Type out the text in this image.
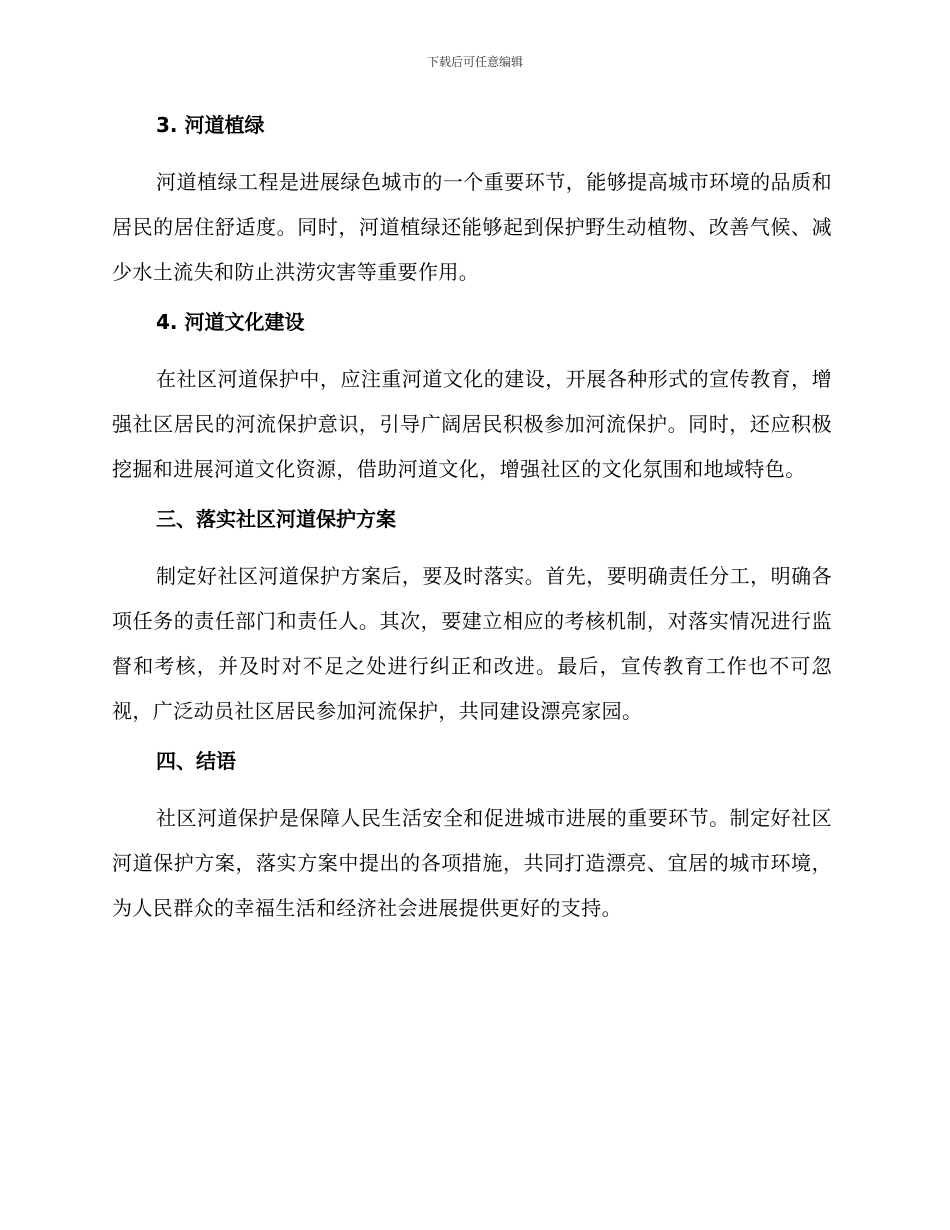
下载后可任意编辑
3. 河道植绿

河道植绿工程是进展绿色城市的一个重要环节，能够提高城市环境的品质和居民的居住舒适度。同时，河道植绿还能够起到保护野生动植物、改善气候、减少水土流失和防止洪涝灾害等重要作用。

4. 河道文化建设

在社区河道保护中，应注重河道文化的建设，开展各种形式的宣传教育，增强社区居民的河流保护意识，引导广阔居民积极参加河流保护。同时，还应积极挖掘和进展河道文化资源，借助河道文化，增强社区的文化氛围和地域特色。

三、落实社区河道保护方案

制定好社区河道保护方案后，要及时落实。首先，要明确责任分工，明确各项任务的责任部门和责任人。其次，要建立相应的考核机制，对落实情况进行监督和考核，并及时对不足之处进行纠正和改进。最后，宣传教育工作也不可忽视，广泛动员社区居民参加河流保护，共同建设漂亮家园。

四、结语

社区河道保护是保障人民生活安全和促进城市进展的重要环节。制定好社区河道保护方案，落实方案中提出的各项措施，共同打造漂亮、宜居的城市环境，为人民群众的幸福生活和经济社会进展提供更好的支持。
